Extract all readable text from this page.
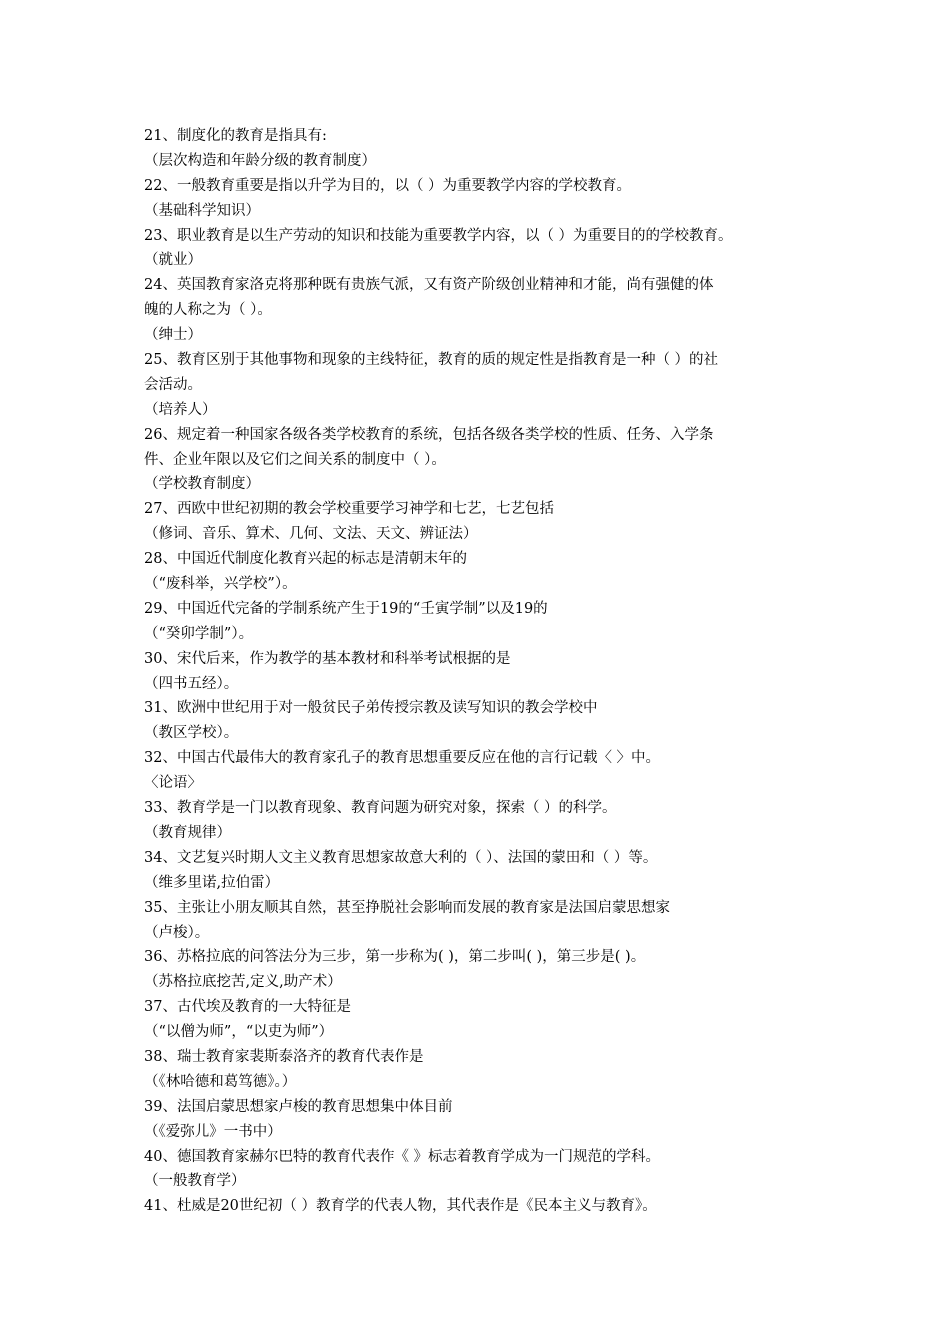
21、制度化的教育是指具有:
（层次构造和年龄分级的教育制度）
22、一般教育重要是指以升学为目的，以（ ）为重要教学内容的学校教育。
（基础科学知识）
23、职业教育是以生产劳动的知识和技能为重要教学内容，以（ ）为重要目的的学校教育。
（就业）
24、英国教育家洛克将那种既有贵族气派，又有资产阶级创业精神和才能，尚有强健的体
魄的人称之为（ ）。
（绅士）
25、教育区别于其他事物和现象的主线特征，教育的质的规定性是指教育是一种（ ）的社
会活动。
（培养人）
26、规定着一种国家各级各类学校教育的系统，包括各级各类学校的性质、任务、入学条
件、企业年限以及它们之间关系的制度中（ ）。
（学校教育制度）
27、西欧中世纪初期的教会学校重要学习神学和七艺，七艺包括
（修词、音乐、算术、几何、文法、天文、辨证法）
28、中国近代制度化教育兴起的标志是清朝末年的
（“废科举，兴学校”）。
29、中国近代完备的学制系统产生于19的“壬寅学制”以及19的
（“癸卯学制”）。
30、宋代后来，作为教学的基本教材和科举考试根据的是
（四书五经）。
31、欧洲中世纪用于对一般贫民子弟传授宗教及读写知识的教会学校中
（教区学校）。
32、中国古代最伟大的教育家孔子的教育思想重要反应在他的言行记载〈 〉中。
〈论语〉
33、教育学是一门以教育现象、教育问题为研究对象，探索（ ）的科学。
（教育规律）
34、文艺复兴时期人文主义教育思想家故意大利的（ ）、法国的蒙田和（ ）等。
（维多里诺,拉伯雷）
35、主张让小朋友顺其自然，甚至挣脱社会影响而发展的教育家是法国启蒙思想家
（卢梭）。
36、苏格拉底的问答法分为三步，第一步称为( )，第二步叫( )，第三步是( )。
（苏格拉底挖苦,定义,助产术）
37、古代埃及教育的一大特征是
（“以僧为师”，“以吏为师”）
38、瑞士教育家裴斯泰洛齐的教育代表作是
（《林哈德和葛笃德》。）
39、法国启蒙思想家卢梭的教育思想集中体目前
（《爱弥儿》一书中）
40、德国教育家赫尔巴特的教育代表作《 》标志着教育学成为一门规范的学科。
（一般教育学）
41、杜威是20世纪初（ ）教育学的代表人物，其代表作是《民本主义与教育》。
